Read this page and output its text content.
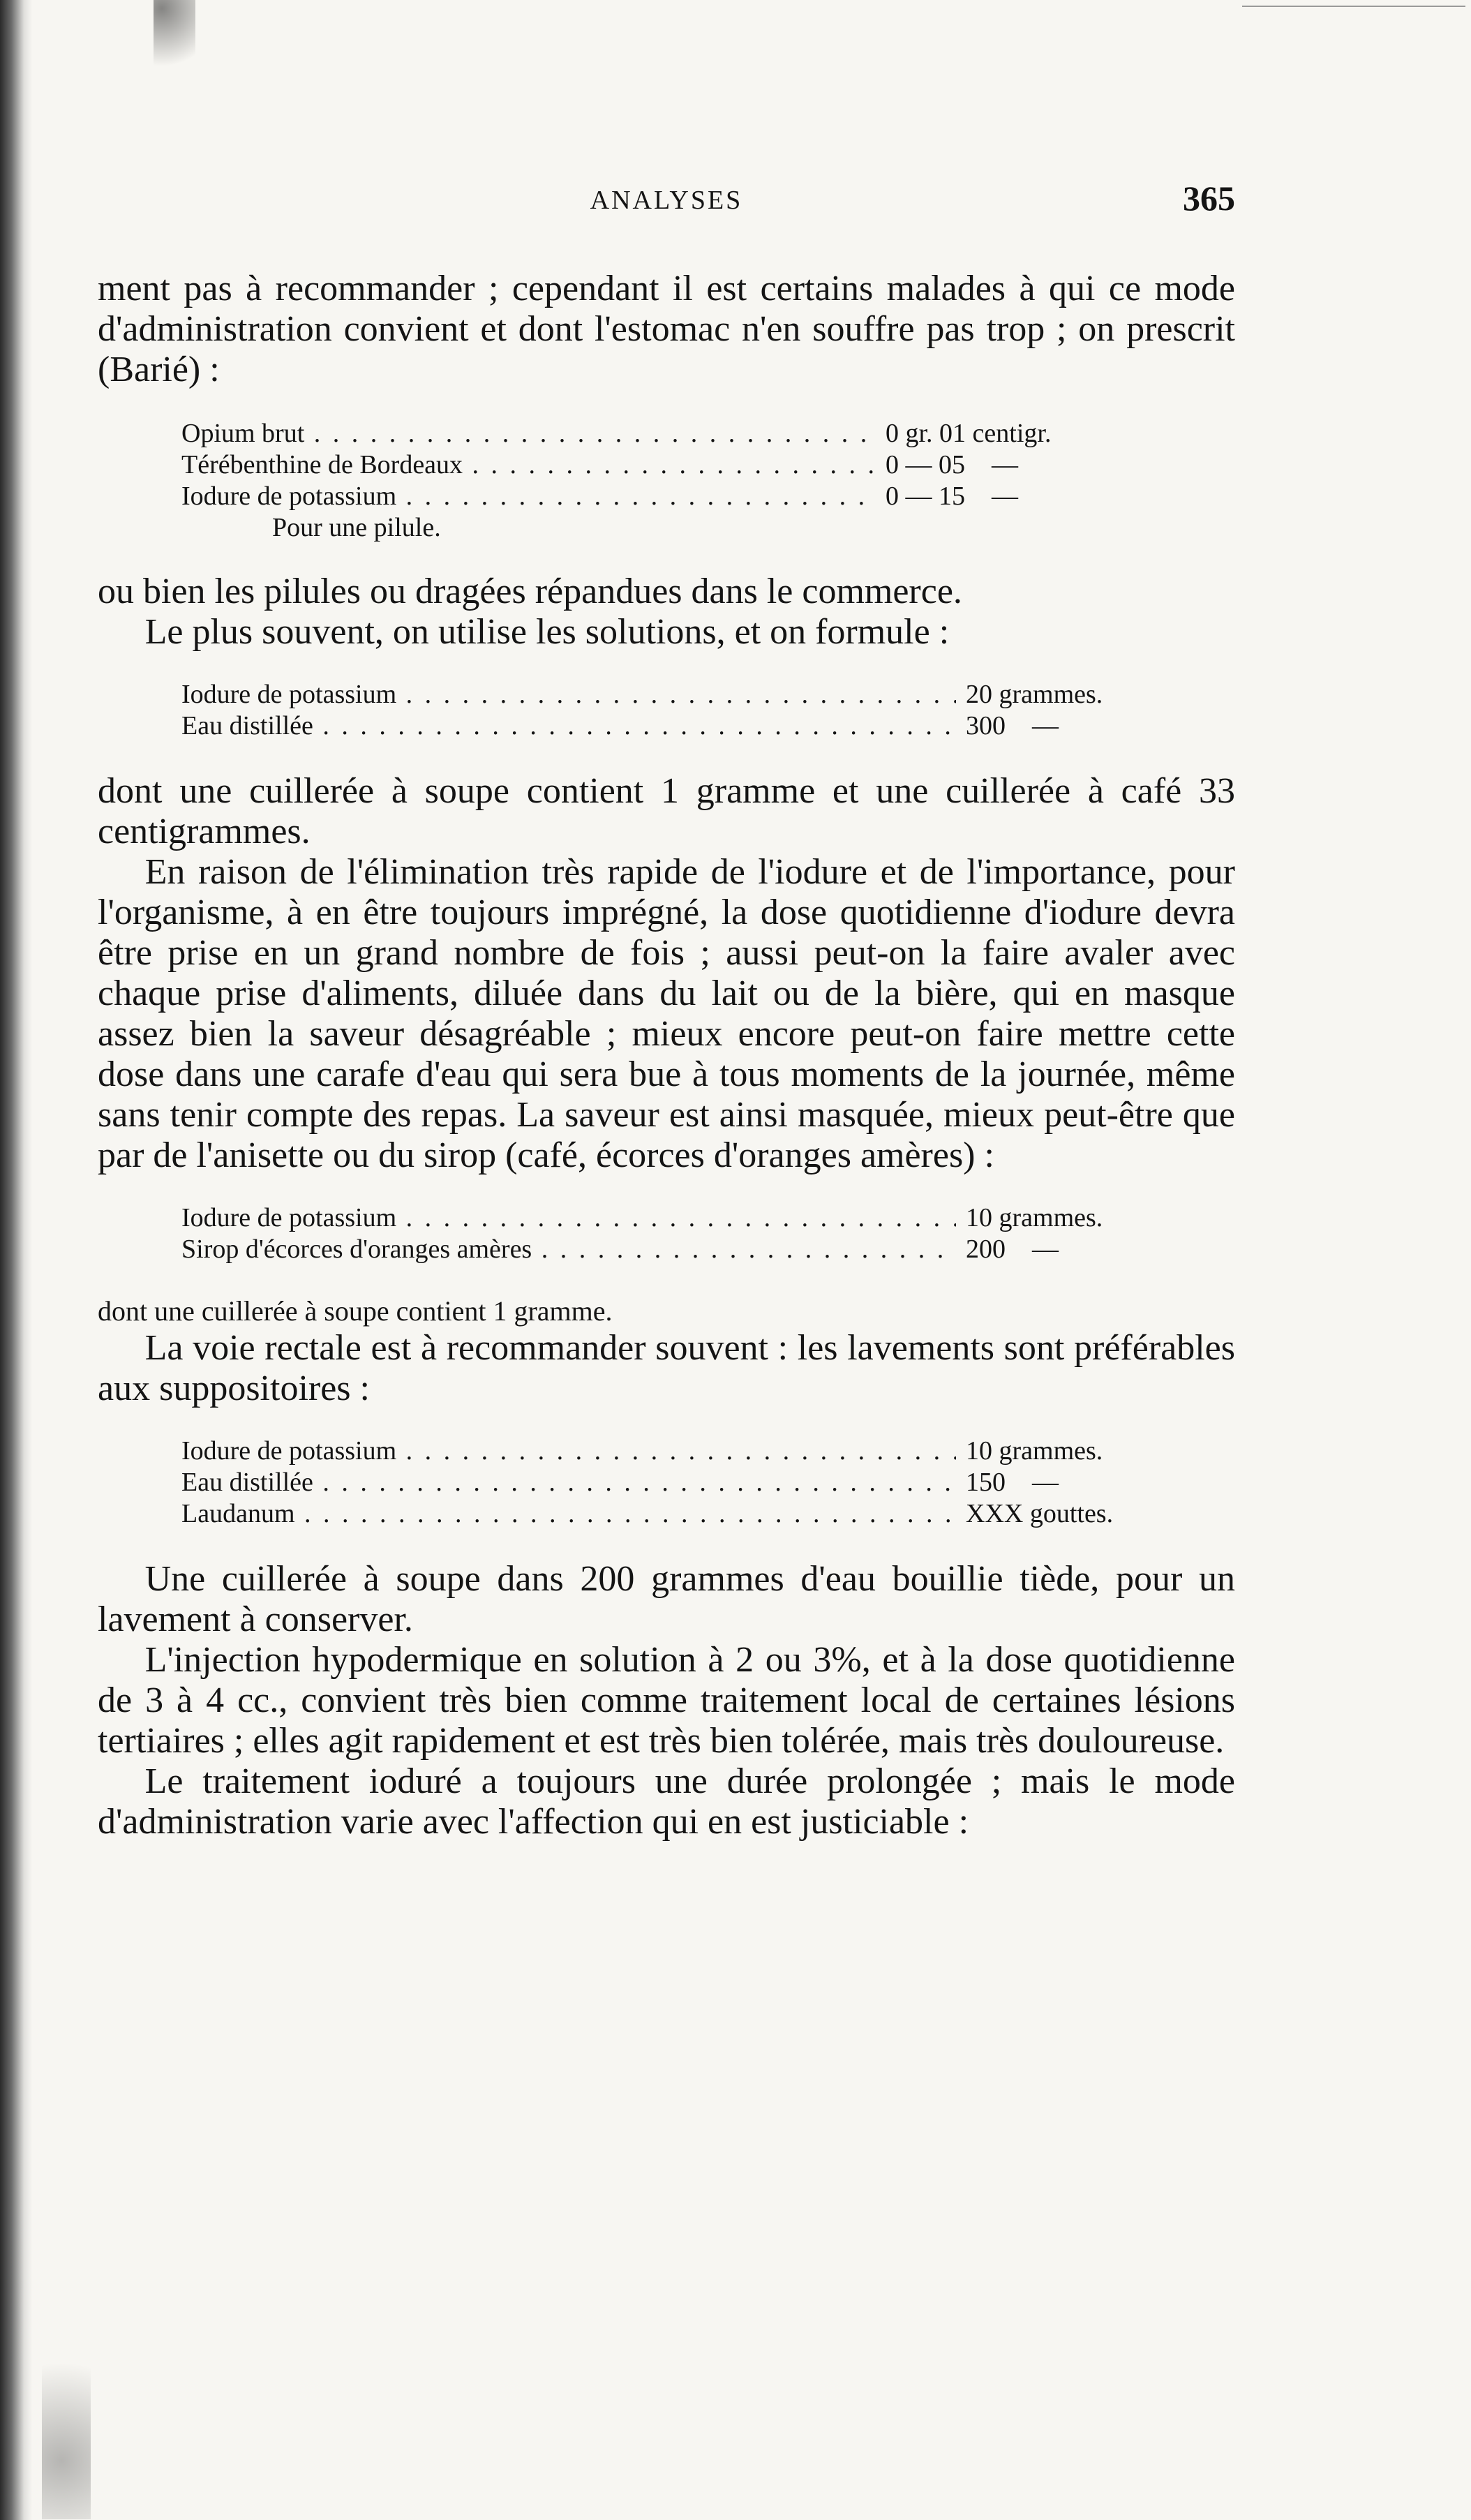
ANALYSES	365

ment pas à recommander ; cependant il est certains malades à qui ce mode d'administration convient et dont l'estomac n'en souffre pas trop ; on prescrit (Barié) :

Opium brut . . .	0 gr. 01 centigr.
Térébenthine de Bordeaux . . .	0 — 05    —
Iodure de potassium . . .	0 — 15    —
Pour une pilule.

ou bien les pilules ou dragées répandues dans le commerce.

Le plus souvent, on utilise les solutions, et on formule :

Iodure de potassium . . .	20 grammes.
Eau distillée . . .	300    —

dont une cuillerée à soupe contient 1 gramme et une cuillerée à café 33 centigrammes.

En raison de l'élimination très rapide de l'iodure et de l'importance, pour l'organisme, à en être toujours imprégné, la dose quotidienne d'iodure devra être prise en un grand nombre de fois ; aussi peut-on la faire avaler avec chaque prise d'aliments, diluée dans du lait ou de la bière, qui en masque assez bien la saveur désagréable ; mieux encore peut-on faire mettre cette dose dans une carafe d'eau qui sera bue à tous moments de la journée, même sans tenir compte des repas. La saveur est ainsi masquée, mieux peut-être que par de l'anisette ou du sirop (café, écorces d'oranges amères) :

Iodure de potassium . . .	10 grammes.
Sirop d'écorces d'oranges amères . . .	200    —

dont une cuillerée à soupe contient 1 gramme.

La voie rectale est à recommander souvent : les lavements sont préférables aux suppositoires :

Iodure de potassium . . .	10 grammes.
Eau distillée . . .	150    —
Laudanum . . .	XXX gouttes.

Une cuillerée à soupe dans 200 grammes d'eau bouillie tiède, pour un lavement à conserver.

L'injection hypodermique en solution à 2 ou 3%, et à la dose quotidienne de 3 à 4 cc., convient très bien comme traitement local de certaines lésions tertiaires ; elles agit rapidement et est très bien tolérée, mais très douloureuse.

Le traitement ioduré a toujours une durée prolongée ; mais le mode d'administration varie avec l'affection qui en est justiciable :
